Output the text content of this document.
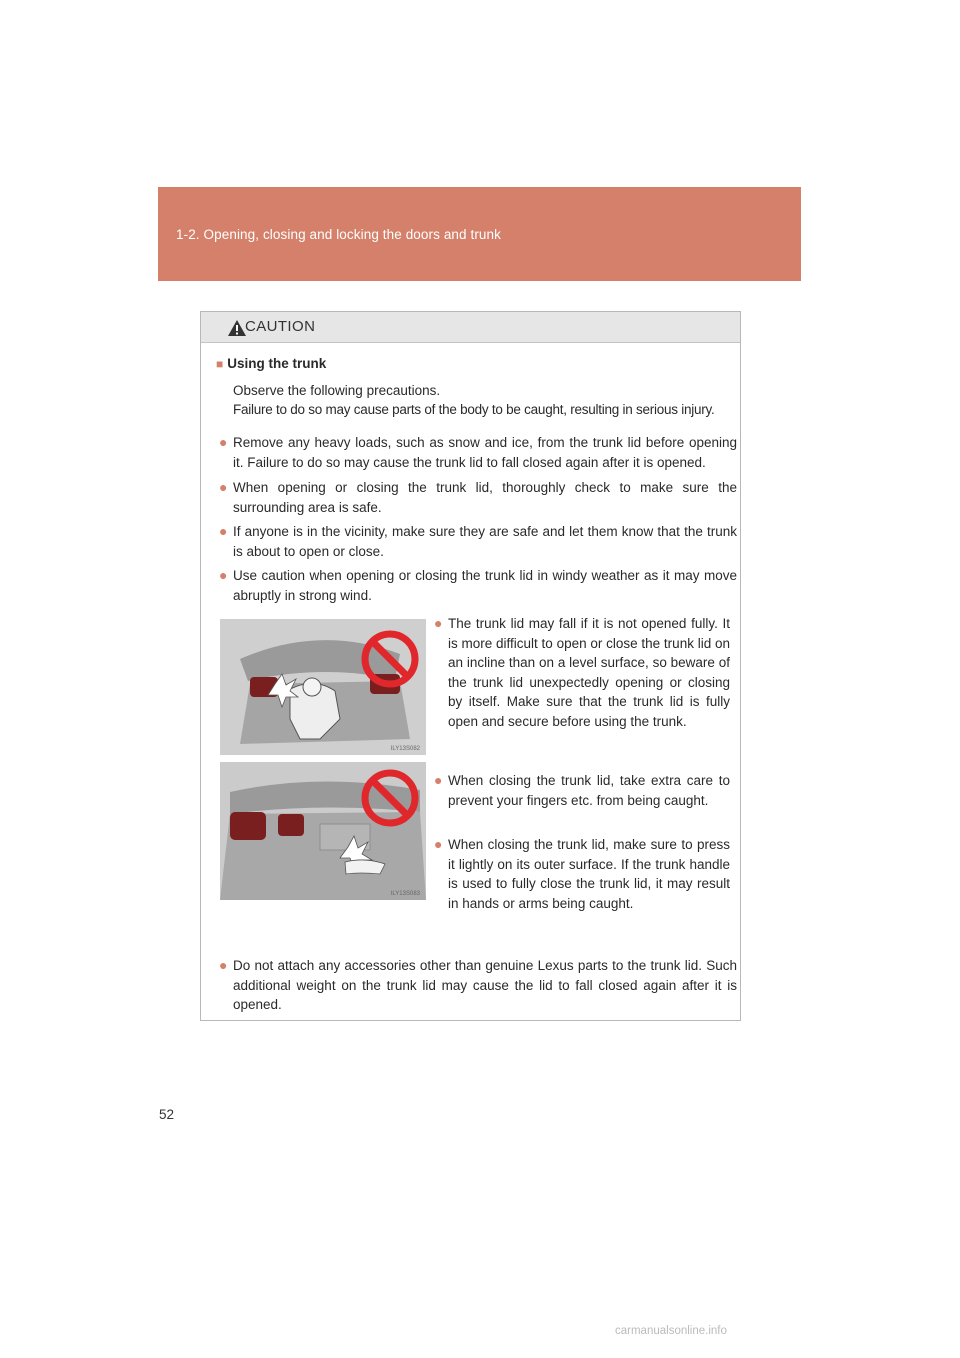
1-2. Opening, closing and locking the doors and trunk
CAUTION
■ Using the trunk
Observe the following precautions.
Failure to do so may cause parts of the body to be caught, resulting in serious injury.
● Remove any heavy loads, such as snow and ice, from the trunk lid before opening it. Failure to do so may cause the trunk lid to fall closed again after it is opened.
● When opening or closing the trunk lid, thoroughly check to make sure the surrounding area is safe.
● If anyone is in the vicinity, make sure they are safe and let them know that the trunk is about to open or close.
● Use caution when opening or closing the trunk lid in windy weather as it may move abruptly in strong wind.
ILY13S082
● The trunk lid may fall if it is not opened fully. It is more difficult to open or close the trunk lid on an incline than on a level surface, so beware of the trunk lid unexpectedly opening or closing by itself. Make sure that the trunk lid is fully open and secure before using the trunk.
ILY13S083
● When closing the trunk lid, take extra care to prevent your fingers etc. from being caught.
● When closing the trunk lid, make sure to press it lightly on its outer surface. If the trunk handle is used to fully close the trunk lid, it may result in hands or arms being caught.
● Do not attach any accessories other than genuine Lexus parts to the trunk lid. Such additional weight on the trunk lid may cause the lid to fall closed again after it is opened.
52
carmanualsonline.info
